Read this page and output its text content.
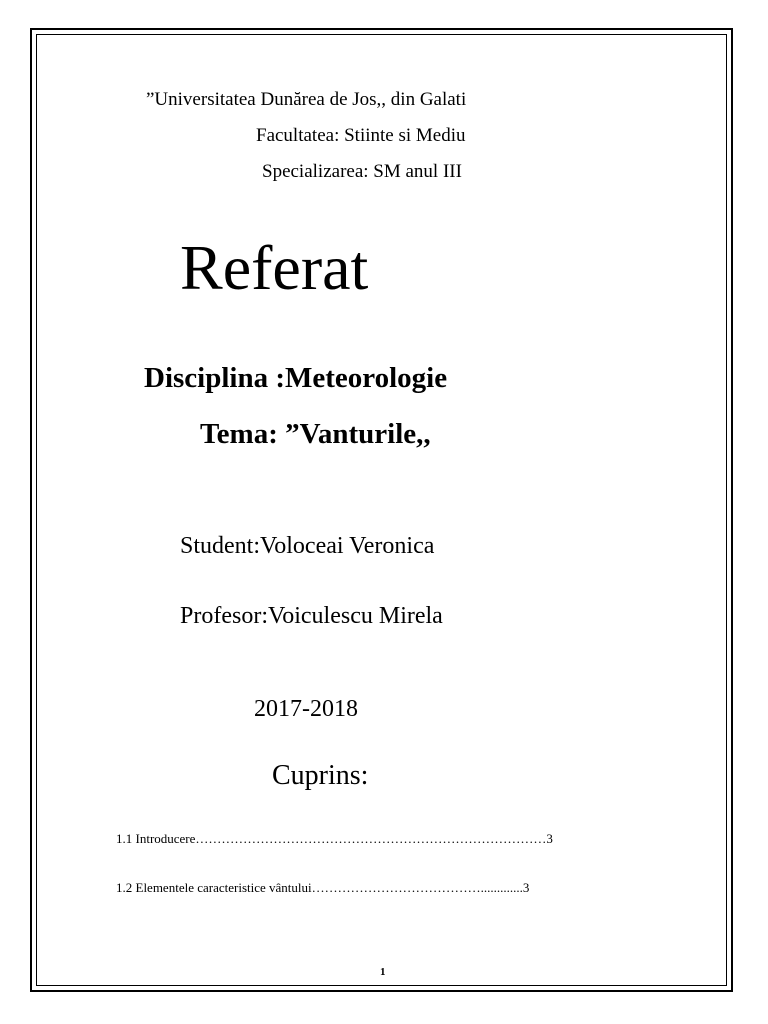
”Universitatea Dunărea de Jos,, din Galati
Facultatea: Stiinte si Mediu
Specializarea: SM anul III
Referat
Disciplina :Meteorologie
Tema: ”Vanturile,,
Student:Voloceai Veronica
Profesor:Voiculescu Mirela
2017-2018
Cuprins:
1.1 Introducere………………………………………………………………………3
1.2 Elementele caracteristice vântului………………………………….............3
1
